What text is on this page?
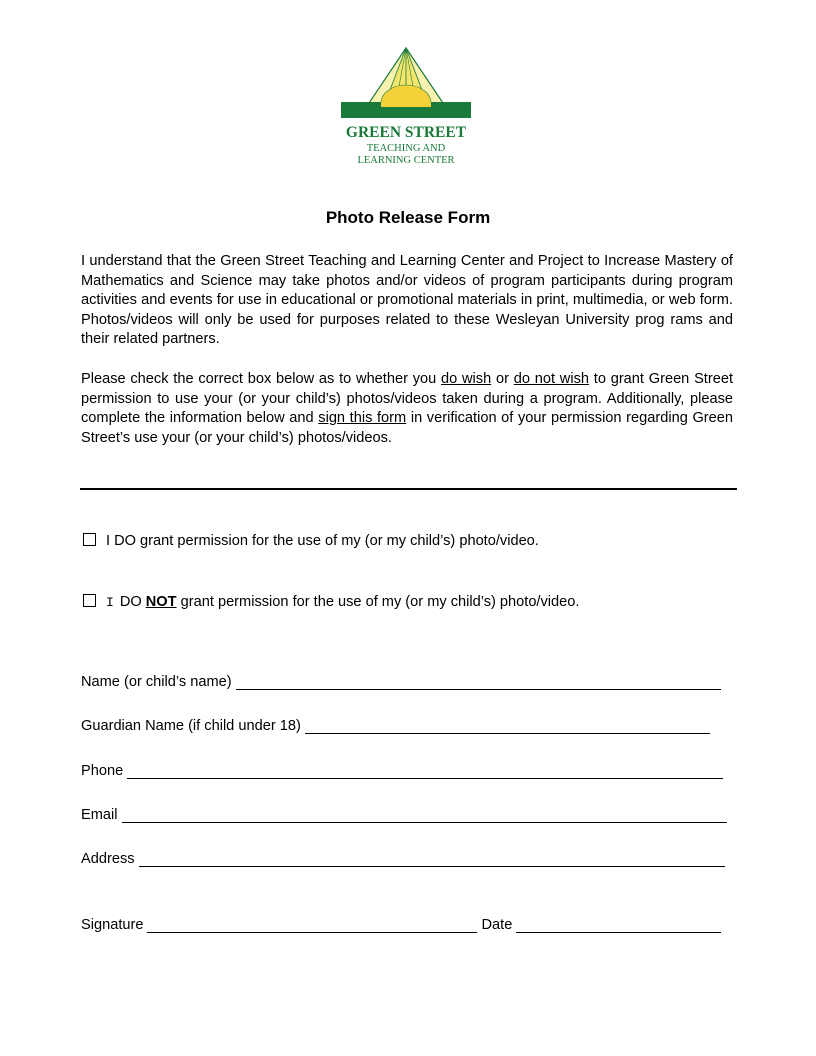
GREEN STREET
TEACHING AND
LEARNING CENTER
Photo Release Form

I understand that the Green Street Teaching and Learning Center and Project to Increase Mastery of Mathematics and Science may take photos and/or videos of program participants during program activities and events for use in educational or promotional materials in print, multimedia, or web form. Photos/videos will only be used for purposes related to these Wesleyan University prog rams and their related partners.

Please check the correct box below as to whether you do wish or do not wish to grant Green Street permission to use your (or your child’s) photos/videos taken during a program. Additionally, please complete the information below and sign this form in verification of your permission regarding Green Street’s use your (or your child’s) photos/videos.

I DO grant permission for the use of my (or my child’s) photo/video.
I DO NOT grant permission for the use of my (or my child’s) photo/video.
Name (or child’s name)
Guardian Name (if child under 18)
Phone
Email
Address
Signature	Date
